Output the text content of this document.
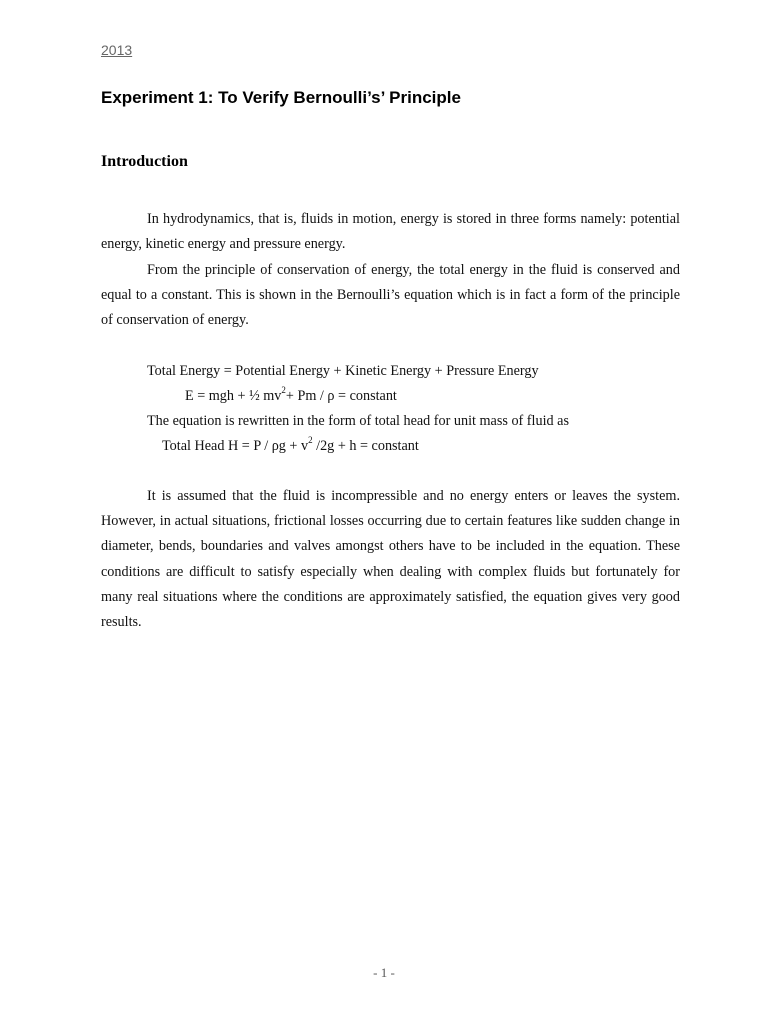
2013
Experiment 1: To Verify Bernoulli’s’ Principle
Introduction

In hydrodynamics, that is, fluids in motion, energy is stored in three forms namely: potential energy, kinetic energy and pressure energy.

From the principle of conservation of energy, the total energy in the fluid is conserved and equal to a constant. This is shown in the Bernoulli’s equation which is in fact a form of the principle of conservation of energy.

Total Energy = Potential Energy + Kinetic Energy + Pressure Energy
E = mgh + ½ $mv^2+ Pm / \rho$ = constant
The equation is rewritten in the form of total head for unit mass of fluid as
Total Head $H = P / \rho g + v^2$ /2g + h = constant

It is assumed that the fluid is incompressible and no energy enters or leaves the system. However, in actual situations, frictional losses occurring due to certain features like sudden change in diameter, bends, boundaries and valves amongst others have to be included in the equation. These conditions are difficult to satisfy especially when dealing with complex fluids but fortunately for many real situations where the conditions are approximately satisfied, the equation gives very good results.

- 1 -
